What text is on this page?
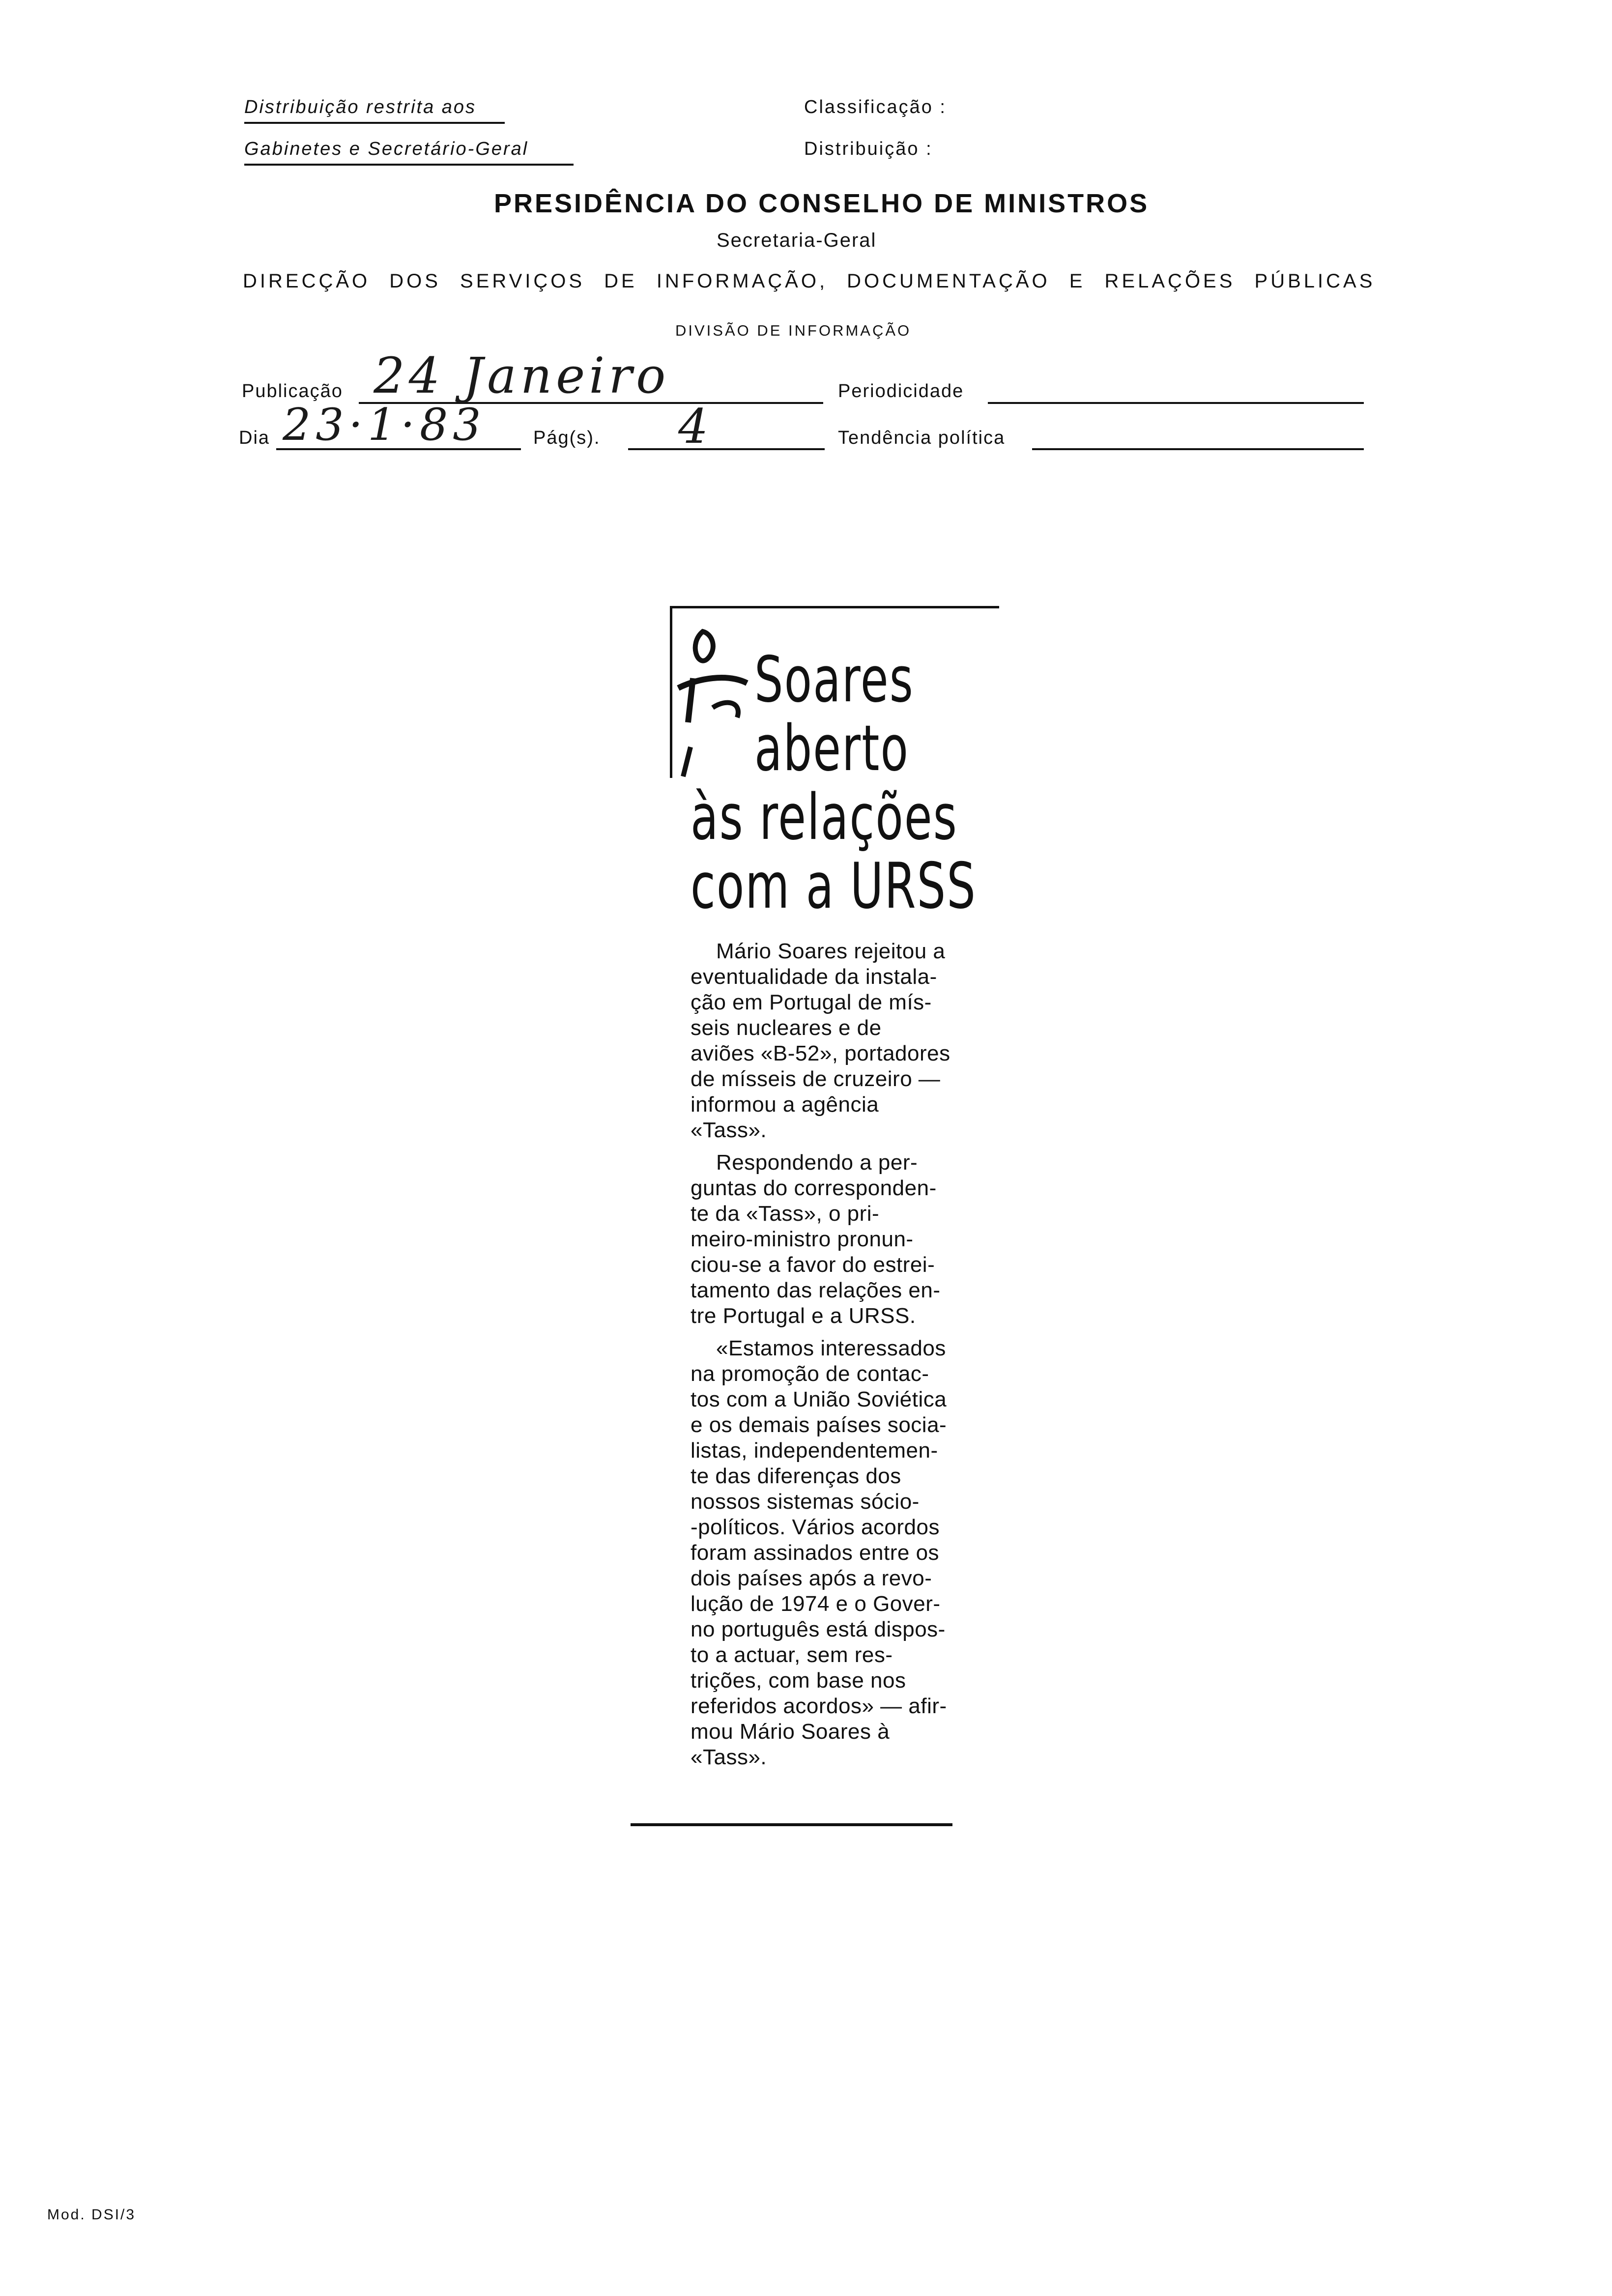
Distribuição restrita aos
Gabinetes e Secretário-Geral
Classificação :
Distribuição :
PRESIDÊNCIA DO CONSELHO DE MINISTROS
Secretaria-Geral
DIRECÇÃO DOS SERVIÇOS DE INFORMAÇÃO, DOCUMENTAÇÃO E RELAÇÕES PÚBLICAS
DIVISÃO DE INFORMAÇÃO
Publicação 24 Janeiro	Periodicidade
Dia 23·1·83	Pág(s). 4	Tendência política
Soares
aberto
às relações
com a URSS
Mário Soares rejeitou a
eventualidade da instala-
ção em Portugal de mís-
seis nucleares e de
aviões «B-52», portadores
de mísseis de cruzeiro —
informou a agência
«Tass».
Respondendo a per-
guntas do corresponden-
te da «Tass», o pri-
meiro-ministro pronun-
ciou-se a favor do estrei-
tamento das relações en-
tre Portugal e a URSS.
«Estamos interessados
na promoção de contac-
tos com a União Soviética
e os demais países socia-
listas, independentemen-
te das diferenças dos
nossos sistemas sócio-
-políticos. Vários acordos
foram assinados entre os
dois países após a revo-
lução de 1974 e o Gover-
no português está dispos-
to a actuar, sem res-
trições, com base nos
referidos acordos» — afir-
mou Mário Soares à
«Tass».
Mod. DSI/3
